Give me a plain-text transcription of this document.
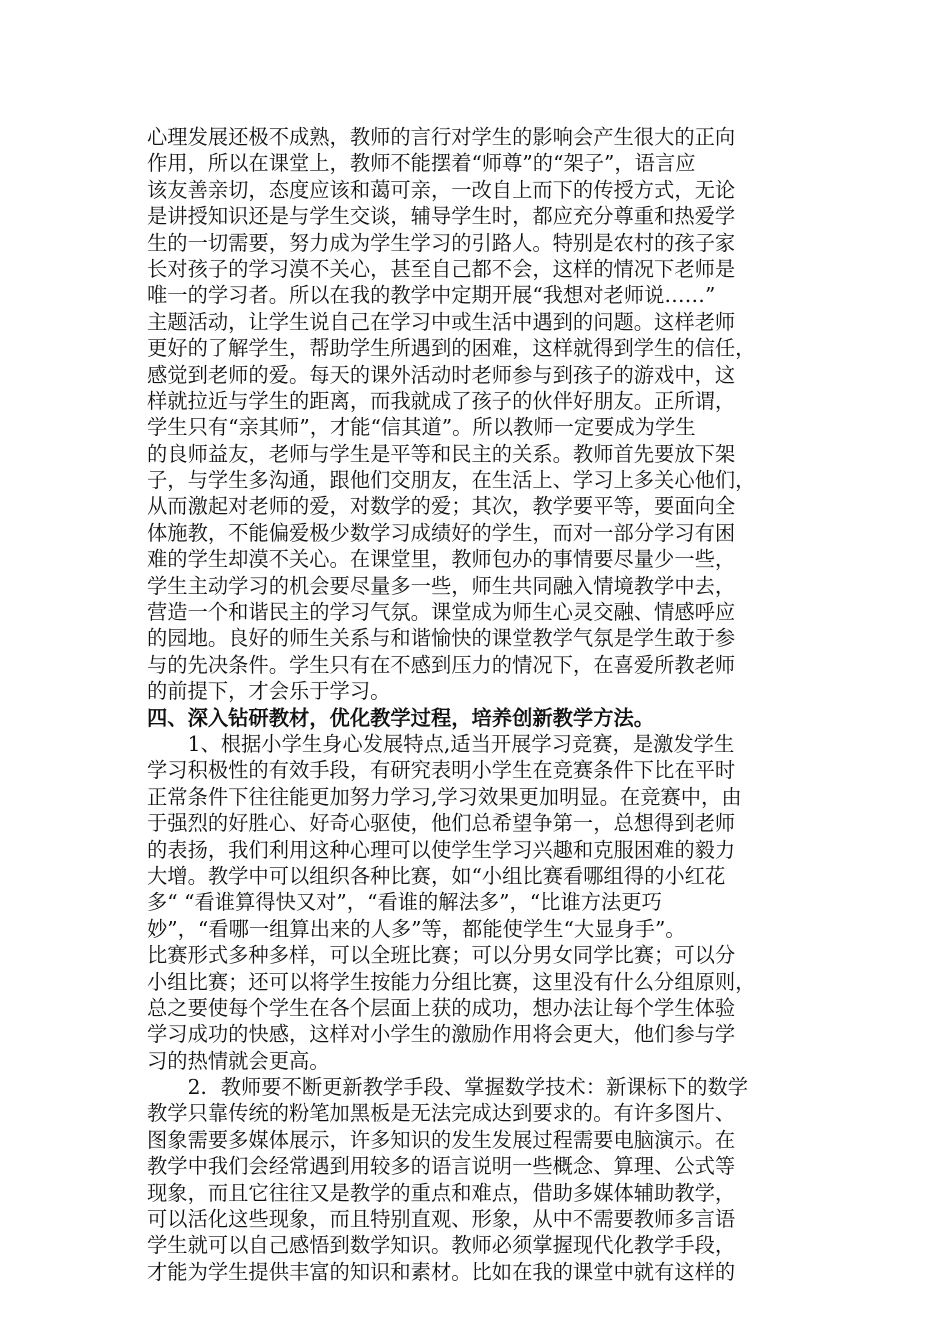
心理发展还极不成熟，教师的言行对学生的影响会产生很大的正向
作用，所以在课堂上，教师不能摆着“师尊”的“架子”，语言应
该友善亲切，态度应该和蔼可亲，一改自上而下的传授方式，无论
是讲授知识还是与学生交谈，辅导学生时，都应充分尊重和热爱学
生的一切需要，努力成为学生学习的引路人。特别是农村的孩子家
长对孩子的学习漠不关心，甚至自己都不会，这样的情况下老师是
唯一的学习者。所以在我的教学中定期开展“我想对老师说……”
主题活动，让学生说自己在学习中或生活中遇到的问题。这样老师
更好的了解学生，帮助学生所遇到的困难，这样就得到学生的信任，
感觉到老师的爱。每天的课外活动时老师参与到孩子的游戏中，这
样就拉近与学生的距离，而我就成了孩子的伙伴好朋友。正所谓，
学生只有“亲其师”，才能“信其道”。所以教师一定要成为学生
的良师益友，老师与学生是平等和民主的关系。教师首先要放下架
子，与学生多沟通，跟他们交朋友，在生活上、学习上多关心他们，
从而激起对老师的爱，对数学的爱；其次，教学要平等，要面向全
体施教，不能偏爱极少数学习成绩好的学生，而对一部分学习有困
难的学生却漠不关心。在课堂里，教师包办的事情要尽量少一些，
学生主动学习的机会要尽量多一些，师生共同融入情境教学中去，
营造一个和谐民主的学习气氛。课堂成为师生心灵交融、情感呼应
的园地。良好的师生关系与和谐愉快的课堂教学气氛是学生敢于参
与的先决条件。学生只有在不感到压力的情况下，在喜爱所教老师
的前提下，才会乐于学习。
四、深入钻研教材，优化教学过程，培养创新教学方法。
　　1、根据小学生身心发展特点,适当开展学习竞赛，是激发学生
学习积极性的有效手段，有研究表明小学生在竞赛条件下比在平时
正常条件下往往能更加努力学习,学习效果更加明显。在竞赛中，由
于强烈的好胜心、好奇心驱使，他们总希望争第一，总想得到老师
的表扬，我们利用这种心理可以使学生学习兴趣和克服困难的毅力
大增。教学中可以组织各种比赛，如“小组比赛看哪组得的小红花
多“ “看谁算得快又对”，“看谁的解法多”，“比谁方法更巧
妙”，“看哪一组算出来的人多”等，都能使学生“大显身手”。
比赛形式多种多样，可以全班比赛；可以分男女同学比赛；可以分
小组比赛；还可以将学生按能力分组比赛，这里没有什么分组原则，
总之要使每个学生在各个层面上获的成功，想办法让每个学生体验
学习成功的快感，这样对小学生的激励作用将会更大，他们参与学
习的热情就会更高。
　　2．教师要不断更新教学手段、掌握数学技术：新课标下的数学
教学只靠传统的粉笔加黑板是无法完成达到要求的。有许多图片、
图象需要多媒体展示，许多知识的发生发展过程需要电脑演示。在
教学中我们会经常遇到用较多的语言说明一些概念、算理、公式等
现象，而且它往往又是教学的重点和难点，借助多媒体辅助教学，
可以活化这些现象，而且特别直观、形象，从中不需要教师多言语
学生就可以自己感悟到数学知识。教师必须掌握现代化教学手段，
才能为学生提供丰富的知识和素材。比如在我的课堂中就有这样的
